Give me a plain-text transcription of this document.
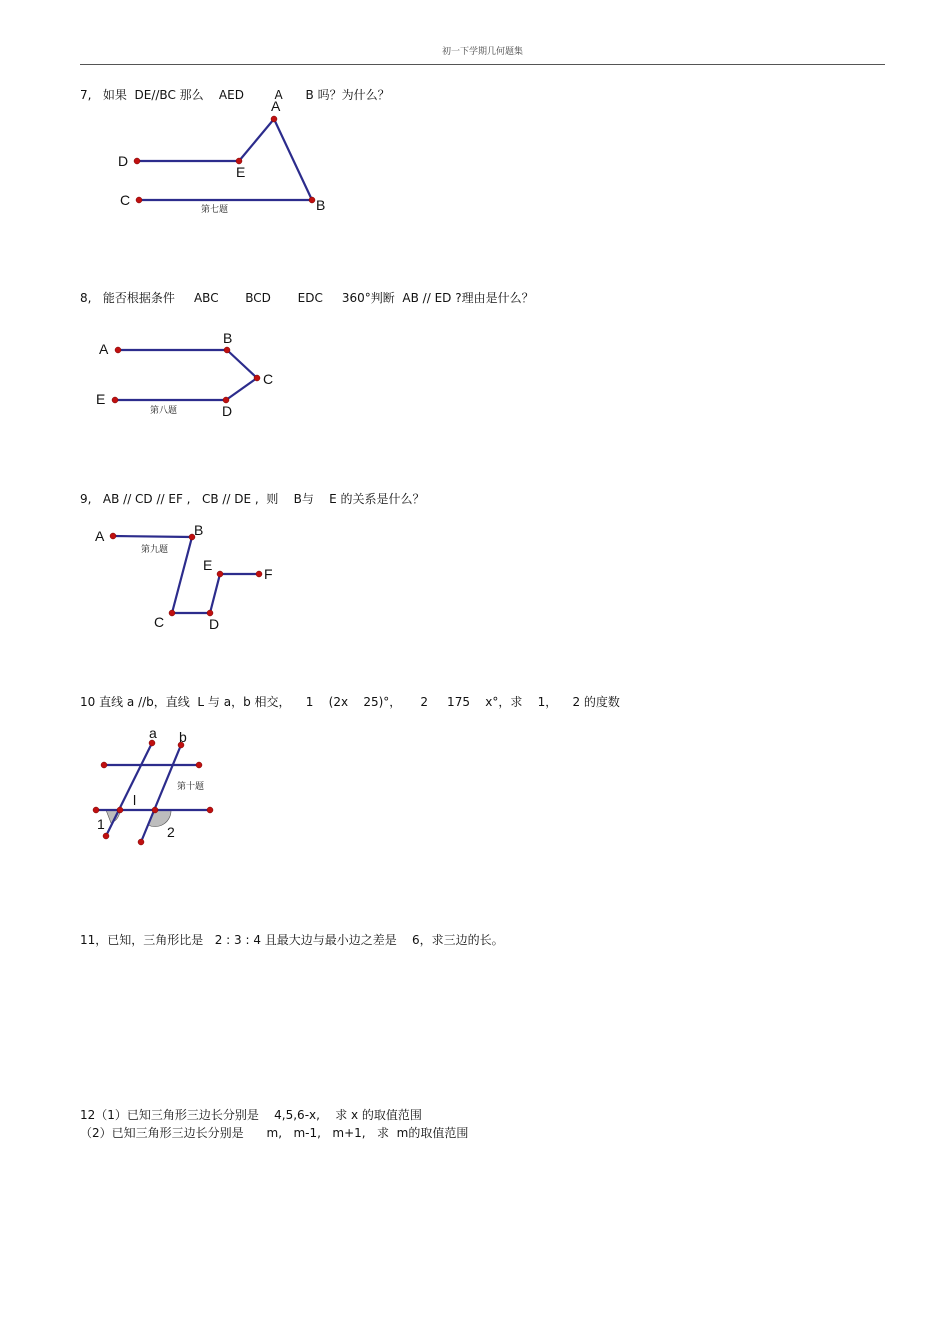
初一下学期几何题集
7,   如果  DE//BC 那么    AED        A      B 吗？为什么？
8,   能否根据条件     ABC       BCD       EDC     360°判断  AB // ED ?理由是什么？
9,   AB // CD // EF ,   CB // DE ,  则    B与    E 的关系是什么？
10 直线 a //b，直线  L 与 a，b 相交，    1    (2x    25)°，     2     175    x°，求    1，    2 的度数
11，已知，三角形比是   2 : 3 : 4 且最大边与最小边之差是    6，求三边的长。
12（1）已知三角形三边长分别是    4,5,6-x,    求 x 的取值范围
（2）已知三角形三边长分别是      m,   m-1,   m+1,   求  m的取值范围
A
D
E
C	B
第七题
A
B
C
D
E
第八题
A	B
C	D
E
F
第九题
a b
l
1	2
第十题
